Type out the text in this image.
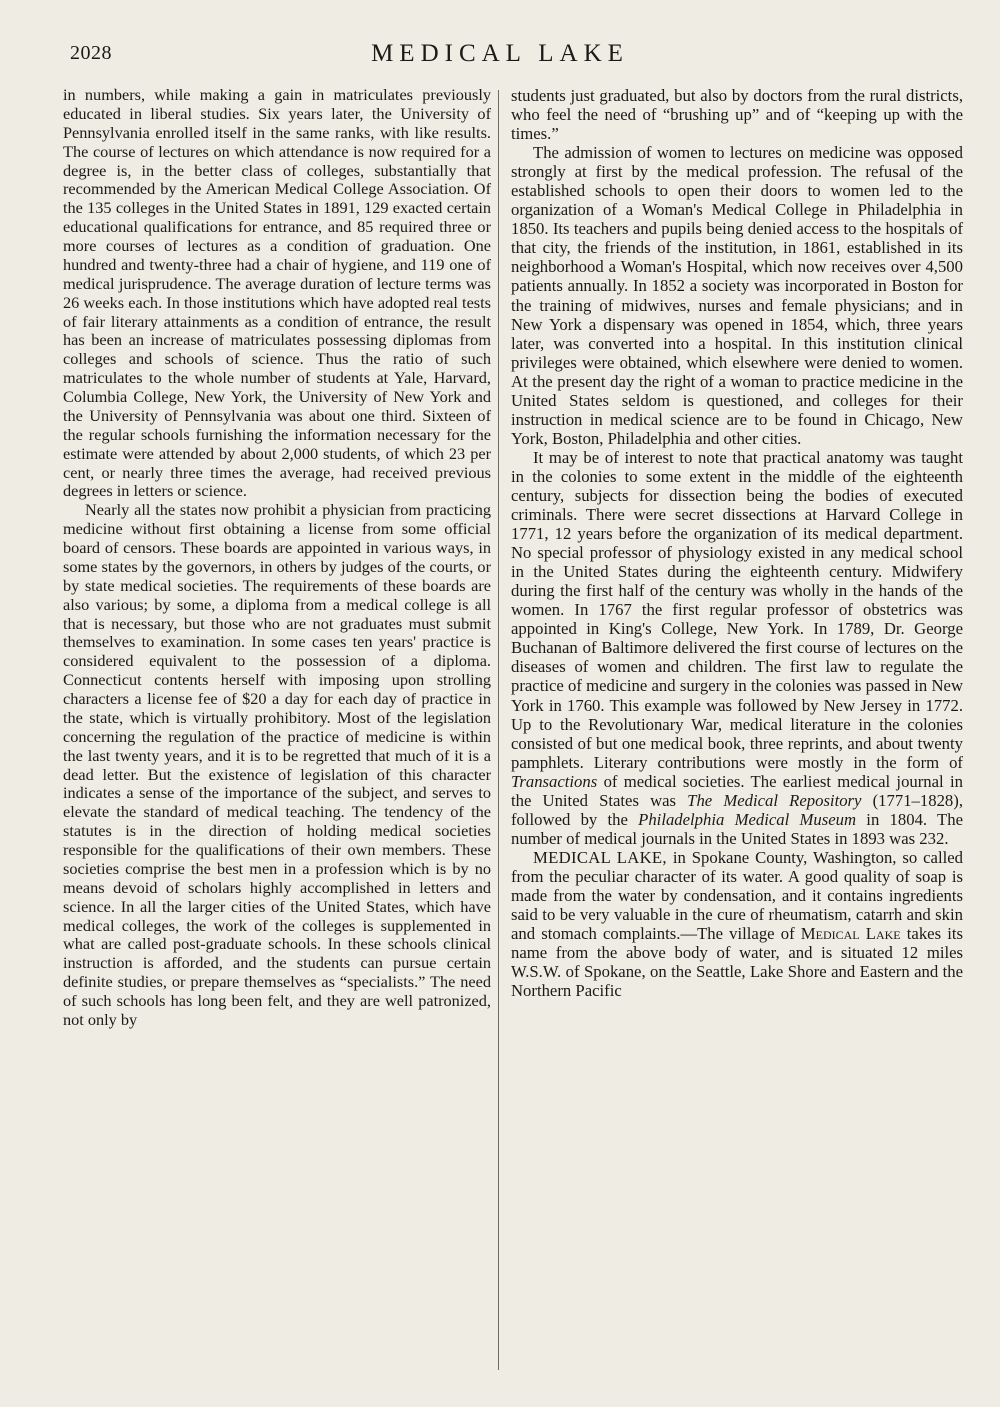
2028	MEDICAL LAKE

in numbers, while making a gain in matriculates previously educated in liberal studies. Six years later, the University of Pennsylvania enrolled itself in the same ranks, with like results. The course of lectures on which attendance is now required for a degree is, in the better class of colleges, substantially that recommended by the American Medical College Association. Of the 135 colleges in the United States in 1891, 129 exacted certain educational qualifications for entrance, and 85 required three or more courses of lectures as a condition of graduation. One hundred and twenty-three had a chair of hygiene, and 119 one of medical jurisprudence. The average duration of lecture terms was 26 weeks each. In those institutions which have adopted real tests of fair literary attainments as a condition of entrance, the result has been an increase of matriculates possessing diplomas from colleges and schools of science. Thus the ratio of such matriculates to the whole number of students at Yale, Harvard, Columbia College, New York, the University of New York and the University of Pennsylvania was about one third. Sixteen of the regular schools furnishing the information necessary for the estimate were attended by about 2,000 students, of which 23 per cent, or nearly three times the average, had received previous degrees in letters or science.

Nearly all the states now prohibit a physician from practicing medicine without first obtaining a license from some official board of censors. These boards are appointed in various ways, in some states by the governors, in others by judges of the courts, or by state medical societies. The requirements of these boards are also various; by some, a diploma from a medical college is all that is necessary, but those who are not graduates must submit themselves to examination. In some cases ten years' practice is considered equivalent to the possession of a diploma. Connecticut contents herself with imposing upon strolling characters a license fee of $20 a day for each day of practice in the state, which is virtually prohibitory. Most of the legislation concerning the regulation of the practice of medicine is within the last twenty years, and it is to be regretted that much of it is a dead letter. But the existence of legislation of this character indicates a sense of the importance of the subject, and serves to elevate the standard of medical teaching. The tendency of the statutes is in the direction of holding medical societies responsible for the qualifications of their own members. These societies comprise the best men in a profession which is by no means devoid of scholars highly accomplished in letters and science. In all the larger cities of the United States, which have medical colleges, the work of the colleges is supplemented in what are called post-graduate schools. In these schools clinical instruction is afforded, and the students can pursue certain definite studies, or prepare themselves as “specialists.” The need of such schools has long been felt, and they are well patronized, not only by

students just graduated, but also by doctors from the rural districts, who feel the need of “brushing up” and of “keeping up with the times.”

The admission of women to lectures on medicine was opposed strongly at first by the medical profession. The refusal of the established schools to open their doors to women led to the organization of a Woman's Medical College in Philadelphia in 1850. Its teachers and pupils being denied access to the hospitals of that city, the friends of the institution, in 1861, established in its neighborhood a Woman's Hospital, which now receives over 4,500 patients annually. In 1852 a society was incorporated in Boston for the training of midwives, nurses and female physicians; and in New York a dispensary was opened in 1854, which, three years later, was converted into a hospital. In this institution clinical privileges were obtained, which elsewhere were denied to women. At the present day the right of a woman to practice medicine in the United States seldom is questioned, and colleges for their instruction in medical science are to be found in Chicago, New York, Boston, Philadelphia and other cities.

It may be of interest to note that practical anatomy was taught in the colonies to some extent in the middle of the eighteenth century, subjects for dissection being the bodies of executed criminals. There were secret dissections at Harvard College in 1771, 12 years before the organization of its medical department. No special professor of physiology existed in any medical school in the United States during the eighteenth century. Midwifery during the first half of the century was wholly in the hands of the women. In 1767 the first regular professor of obstetrics was appointed in King's College, New York. In 1789, Dr. George Buchanan of Baltimore delivered the first course of lectures on the diseases of women and children. The first law to regulate the practice of medicine and surgery in the colonies was passed in New York in 1760. This example was followed by New Jersey in 1772. Up to the Revolutionary War, medical literature in the colonies consisted of but one medical book, three reprints, and about twenty pamphlets. Literary contributions were mostly in the form of Transactions of medical societies. The earliest medical journal in the United States was The Medical Repository (1771–1828), followed by the Philadelphia Medical Museum in 1804. The number of medical journals in the United States in 1893 was 232.

MEDICAL LAKE, in Spokane County, Washington, so called from the peculiar character of its water. A good quality of soap is made from the water by condensation, and it contains ingredients said to be very valuable in the cure of rheumatism, catarrh and skin and stomach complaints.—The village of Medical Lake takes its name from the above body of water, and is situated 12 miles W.S.W. of Spokane, on the Seattle, Lake Shore and Eastern and the Northern Pacific
